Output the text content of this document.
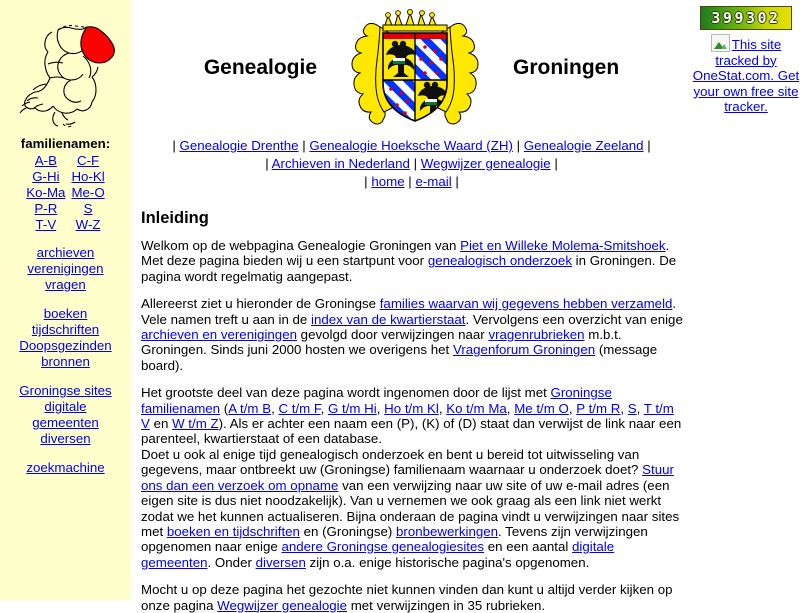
familienamen:
A-B	C-F
G-Hi	Ho-Kl
Ko-Ma	Me-O
P-R	S
T-V	W-Z
archieven
verenigingen
vragen
boeken
tijdschriften
Doopsgezinden
bronnen
Groningse sites
digitale
gemeenten
diversen
zoekmachine
Genealogie	Groningen
| Genealogie Drenthe | Genealogie Hoeksche Waard (ZH) | Genealogie Zeeland |
| Archieven in Nederland | Wegwijzer genealogie |
| home | e-mail |
Inleiding

Welkom op de webpagina Genealogie Groningen van Piet en Willeke Molema-Smitshoek. Met deze pagina bieden wij u een startpunt voor genealogisch onderzoek in Groningen. De pagina wordt regelmatig aangepast.

Allereerst ziet u hieronder de Groningse families waarvan wij gegevens hebben verzameld. Vele namen treft u aan in de index van de kwartierstaat. Vervolgens een overzicht van enige archieven en verenigingen gevolgd door verwijzingen naar vragenrubrieken m.b.t. Groningen. Sinds juni 2000 hosten we overigens het Vragenforum Groningen (message board).

Het grootste deel van deze pagina wordt ingenomen door de lijst met Groningse familienamen (A t/m B, C t/m F, G t/m Hi, Ho t/m Kl, Ko t/m Ma, Me t/m O, P t/m R, S, T t/m V en W t/m Z). Als er achter een naam een (P), (K) of (D) staat dan verwijst de link naar een parenteel, kwartierstaat of een database.

Doet u ook al enige tijd genealogisch onderzoek en bent u bereid tot uitwisseling van gegevens, maar ontbreekt uw (Groningse) familienaam waarnaar u onderzoek doet? Stuur ons dan een verzoek om opname van een verwijzing naar uw site of uw e-mail adres (een eigen site is dus niet noodzakelijk). Van u vernemen we ook graag als een link niet werkt zodat we het kunnen actualiseren. Bijna onderaan de pagina vindt u verwijzingen naar sites met boeken en tijdschriften en (Groningse) bronbewerkingen. Tevens zijn verwijzingen opgenomen naar enige andere Groningse genealogiesites en een aantal digitale gemeenten. Onder diversen zijn o.a. enige historische pagina's opgenomen.

Mocht u op deze pagina het gezochte niet kunnen vinden dan kunt u altijd verder kijken op onze pagina Wegwijzer genealogie met verwijzingen in 35 rubrieken.

399302
This site tracked by OneStat.com. Get your own free site tracker.
